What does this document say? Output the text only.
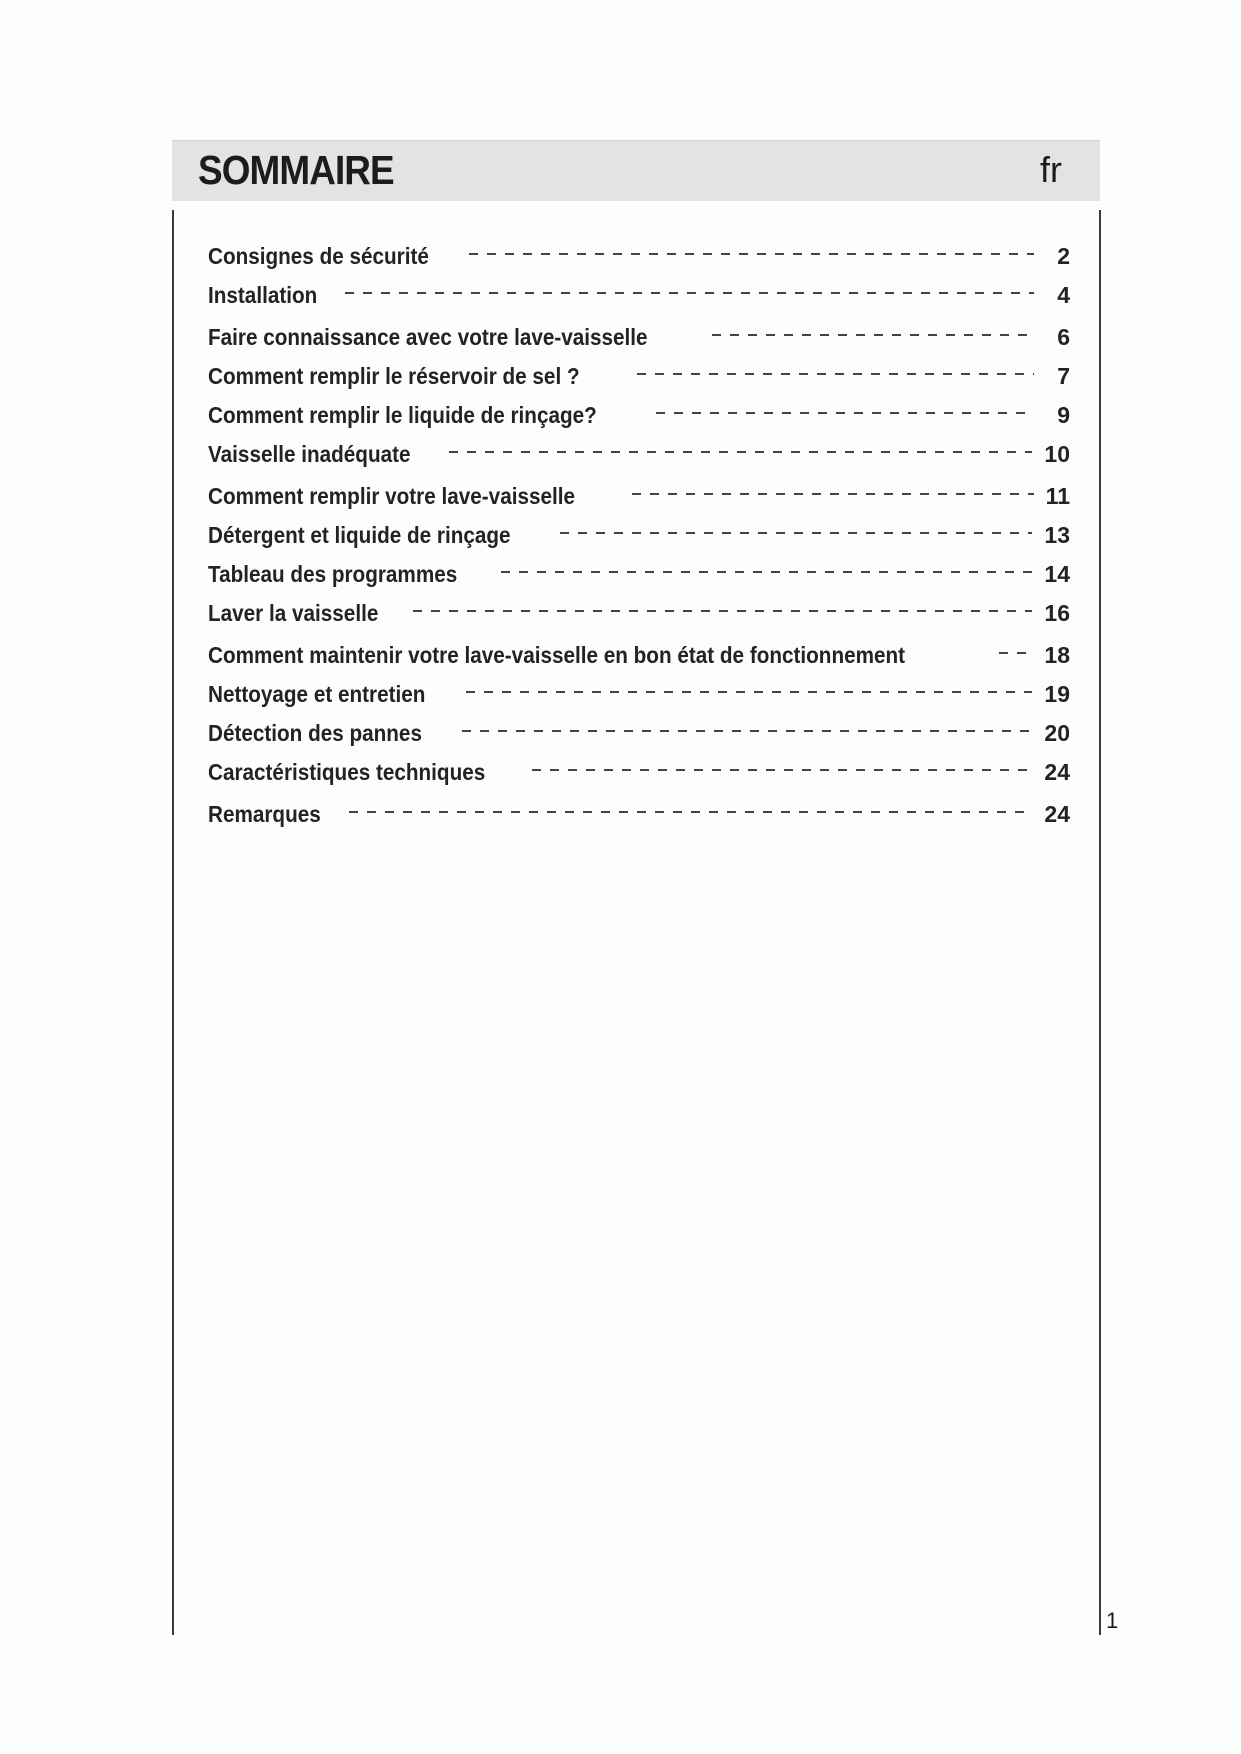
SOMMAIRE	fr
Consignes de sécurité	2
Installation	4
Faire connaissance avec votre lave-vaisselle	6
Comment remplir le réservoir de sel ?	7
Comment remplir le liquide de rinçage?	9
Vaisselle inadéquate	10
Comment remplir votre lave-vaisselle	11
Détergent et liquide de rinçage	13
Tableau des programmes	14
Laver la vaisselle	16
Comment maintenir votre lave-vaisselle en bon état de fonctionnement	18
Nettoyage et entretien	19
Détection des pannes	20
Caractéristiques techniques	24
Remarques	24
1
